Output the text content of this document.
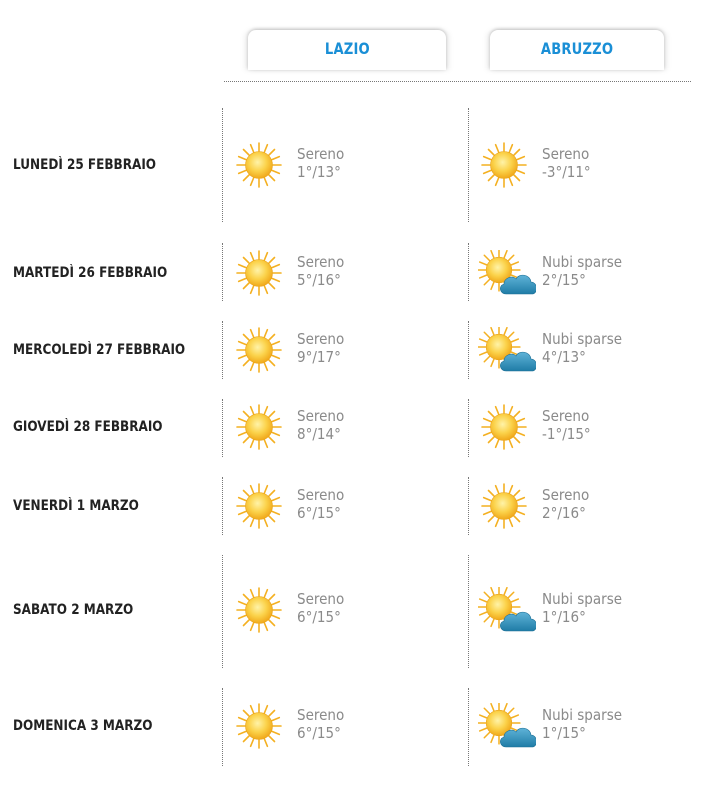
LAZIO	ABRUZZO
LUNEDÌ 25 FEBBRAIO
Sereno
1°/13°
Sereno
-3°/11°
MARTEDÌ 26 FEBBRAIO
Sereno
5°/16°
Nubi sparse
2°/15°
MERCOLEDÌ 27 FEBBRAIO
Sereno
9°/17°
Nubi sparse
4°/13°
GIOVEDÌ 28 FEBBRAIO
Sereno
8°/14°
Sereno
-1°/15°
VENERDÌ 1 MARZO
Sereno
6°/15°
Sereno
2°/16°
SABATO 2 MARZO
Sereno
6°/15°
Nubi sparse
1°/16°
DOMENICA 3 MARZO
Sereno
6°/15°
Nubi sparse
1°/15°
